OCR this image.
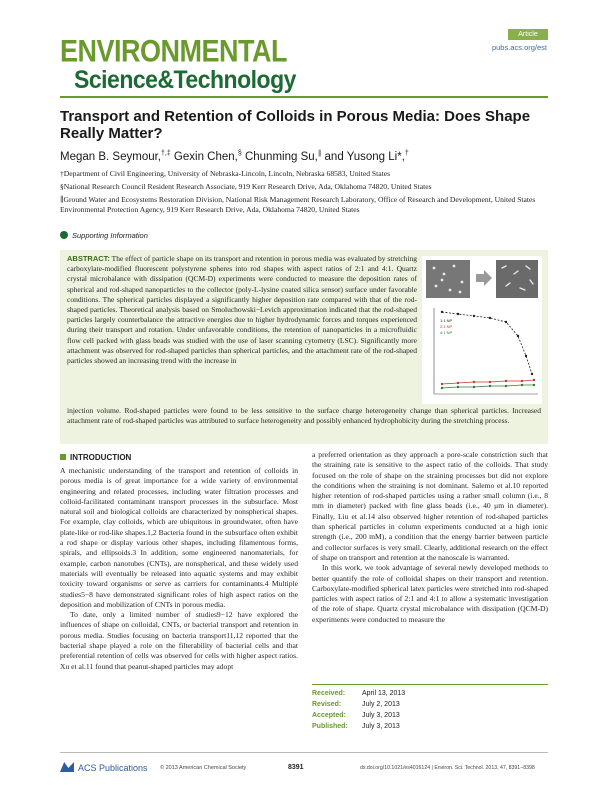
ENVIRONMENTAL
Science&Technology
Article
pubs.acs.org/est
Transport and Retention of Colloids in Porous Media: Does Shape Really Matter?
Megan B. Seymour,†,‡ Gexin Chen,§ Chunming Su,∥ and Yusong Li*,†
†Department of Civil Engineering, University of Nebraska-Lincoln, Lincoln, Nebraska 68583, United States
§National Research Council Resident Research Associate, 919 Kerr Research Drive, Ada, Oklahoma 74820, United States
∥Ground Water and Ecosystems Restoration Division, National Risk Management Research Laboratory, Office of Research and Development, United States Environmental Protection Agency, 919 Kerr Research Drive, Ada, Oklahoma 74820, United States
Supporting Information
ABSTRACT: The effect of particle shape on its transport and retention in porous media was evaluated by stretching carboxylate-modified fluorescent polystyrene spheres into rod shapes with aspect ratios of 2:1 and 4:1. Quartz crystal microbalance with dissipation (QCM-D) experiments were conducted to measure the deposition rates of spherical and rod-shaped nanoparticles to the collector (poly-L-lysine coated silica sensor) surface under favorable conditions. The spherical particles displayed a significantly higher deposition rate compared with that of the rod-shaped particles. Theoretical analysis based on Smoluchowski−Levich approximation indicated that the rod-shaped particles largely counterbalance the attractive energies due to higher hydrodynamic forces and torques experienced during their transport and rotation. Under unfavorable conditions, the retention of nanoparticles in a microfluidic flow cell packed with glass beads was studied with the use of laser scanning cytometry (LSC). Significantly more attachment was observed for rod-shaped particles than spherical particles, and the attachment rate of the rod-shaped particles showed an increasing trend with the increase in
injection volume. Rod-shaped particles were found to be less sensitive to the surface charge heterogeneity change than spherical particles. Increased attachment rate of rod-shaped particles was attributed to surface heterogeneity and possibly enhanced hydrophobicity during the stretching process.
1:1 NP
2:1 NP
4:1 NP
INTRODUCTION

A mechanistic understanding of the transport and retention of colloids in porous media is of great importance for a wide variety of environmental engineering and related processes, including water filtration processes and colloid-facilitated contaminant transport processes in the subsurface. Most natural soil and biological colloids are characterized by nonspherical shapes. For example, clay colloids, which are ubiquitous in groundwater, often have plate-like or rod-like shapes.1,2 Bacteria found in the subsurface often exhibit a rod shape or display various other shapes, including filamentous forms, spirals, and ellipsoids.3 In addition, some engineered nanomaterials, for example, carbon nanotubes (CNTs), are nonspherical, and these widely used materials will eventually be released into aquatic systems and may exhibit toxicity toward organisms or serve as carriers for contaminants.4 Multiple studies5−8 have demonstrated significant roles of high aspect ratios on the deposition and mobilization of CNTs in porous media.

To date, only a limited number of studies9−12 have explored the influences of shape on colloidal, CNTs, or bacterial transport and retention in porous media. Studies focusing on bacteria transport11,12 reported that the bacterial shape played a role on the filterability of bacterial cells and that preferential retention of cells was observed for cells with higher aspect ratios. Xu et al.11 found that peanut-shaped particles may adopt

a preferred orientation as they approach a pore-scale constriction such that the straining rate is sensitive to the aspect ratio of the colloids. That study focused on the role of shape on the straining processes but did not explore the conditions when the straining is not dominant. Salemo et al.10 reported higher retention of rod-shaped particles using a rather small column (i.e., 8 mm in diameter) packed with fine glass beads (i.e., 40 μm in diameter). Finally, Liu et al.14 also observed higher retention of rod-shaped particles than spherical particles in column experiments conducted at a high ionic strength (i.e., 200 mM), a condition that the energy barrier between particle and collector surfaces is very small. Clearly, additional research on the effect of shape on transport and retention at the nanoscale is warranted.

In this work, we took advantage of several newly developed methods to better quantify the role of colloidal shapes on their transport and retention. Carboxylate-modified spherical latex particles were stretched into rod-shaped particles with aspect ratios of 2:1 and 4:1 to allow a systematic investigation of the role of shape. Quartz crystal microbalance with dissipation (QCM-D) experiments were conducted to measure the

Received: April 13, 2013
Revised:	July 2, 2013
Accepted: July 3, 2013
Published: July 3, 2013
ACS Publications © 2013 American Chemical Society	8391	dx.doi.org/10.1021/es4016124 | Environ. Sci. Technol. 2013, 47, 8391−8398
